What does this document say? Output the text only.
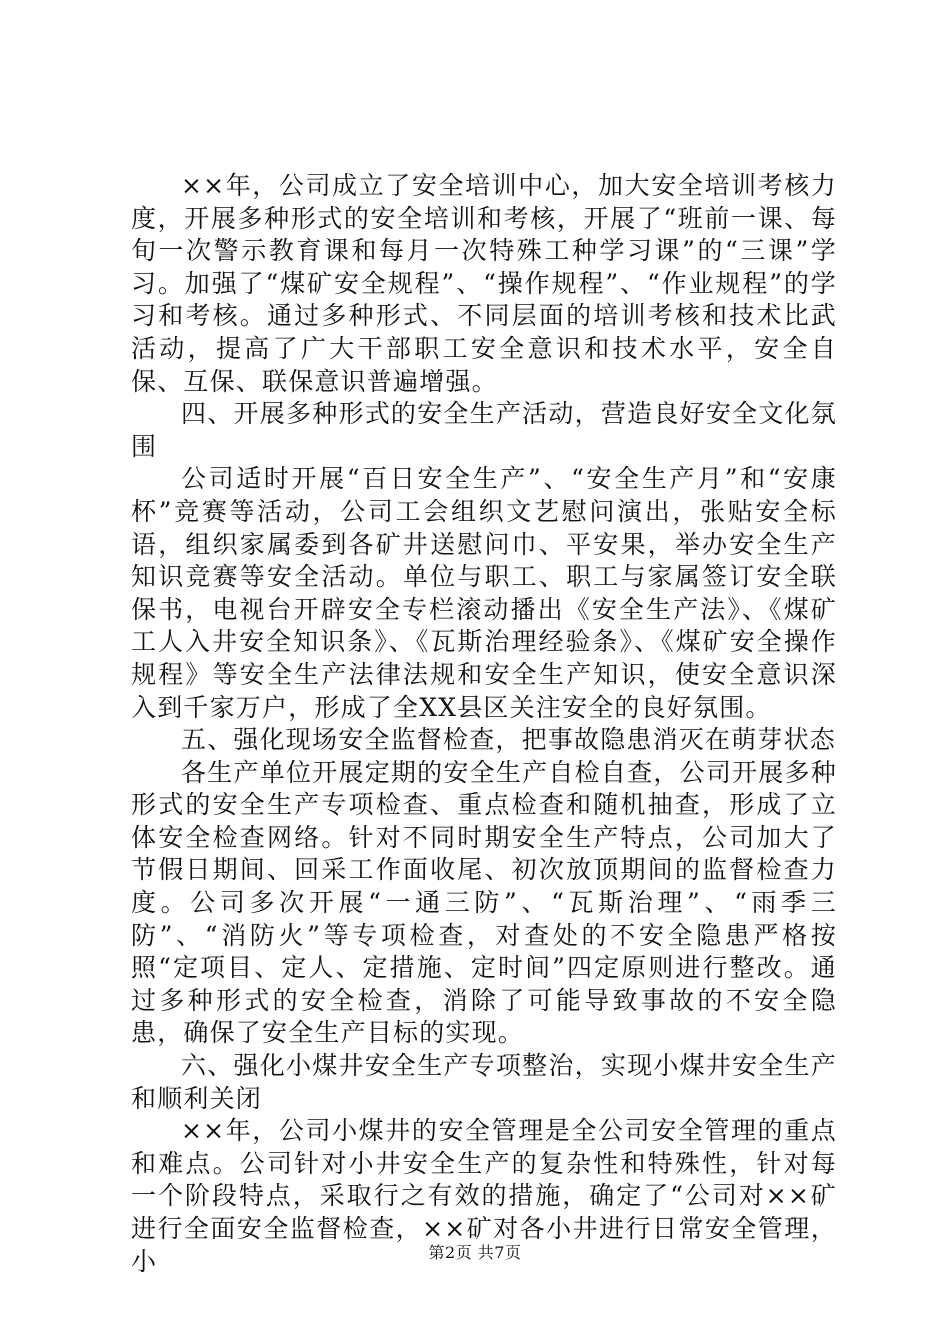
××年，公司成立了安全培训中心，加大安全培训考核力度，开展多种形式的安全培训和考核，开展了“班前一课、每旬一次警示教育课和每月一次特殊工种学习课”的“三课”学习。加强了“煤矿安全规程”、“操作规程”、“作业规程”的学习和考核。通过多种形式、不同层面的培训考核和技术比武活动，提高了广大干部职工安全意识和技术水平，安全自保、互保、联保意识普遍增强。

四、开展多种形式的安全生产活动，营造良好安全文化氛围

公司适时开展“百日安全生产”、“安全生产月”和“安康杯”竞赛等活动，公司工会组织文艺慰问演出，张贴安全标语，组织家属委到各矿井送慰问巾、平安果，举办安全生产知识竞赛等安全活动。单位与职工、职工与家属签订安全联保书，电视台开辟安全专栏滚动播出《安全生产法》、《煤矿工人入井安全知识条》、《瓦斯治理经验条》、《煤矿安全操作规程》等安全生产法律法规和安全生产知识，使安全意识深入到千家万户，形成了全XX县区关注安全的良好氛围。

五、强化现场安全监督检查，把事故隐患消灭在萌芽状态

各生产单位开展定期的安全生产自检自查，公司开展多种形式的安全生产专项检查、重点检查和随机抽查，形成了立体安全检查网络。针对不同时期安全生产特点，公司加大了节假日期间、回采工作面收尾、初次放顶期间的监督检查力度。公司多次开展“一通三防”、“瓦斯治理”、“雨季三防”、“消防火”等专项检查，对查处的不安全隐患严格按照“定项目、定人、定措施、定时间”四定原则进行整改。通过多种形式的安全检查，消除了可能导致事故的不安全隐患，确保了安全生产目标的实现。

六、强化小煤井安全生产专项整治，实现小煤井安全生产和顺利关闭

××年，公司小煤井的安全管理是全公司安全管理的重点和难点。公司针对小井安全生产的复杂性和特殊性，针对每一个阶段特点，采取行之有效的措施，确定了“公司对××矿进行全面安全监督检查，××矿对各小井进行日常安全管理，小	第2页 共7页
